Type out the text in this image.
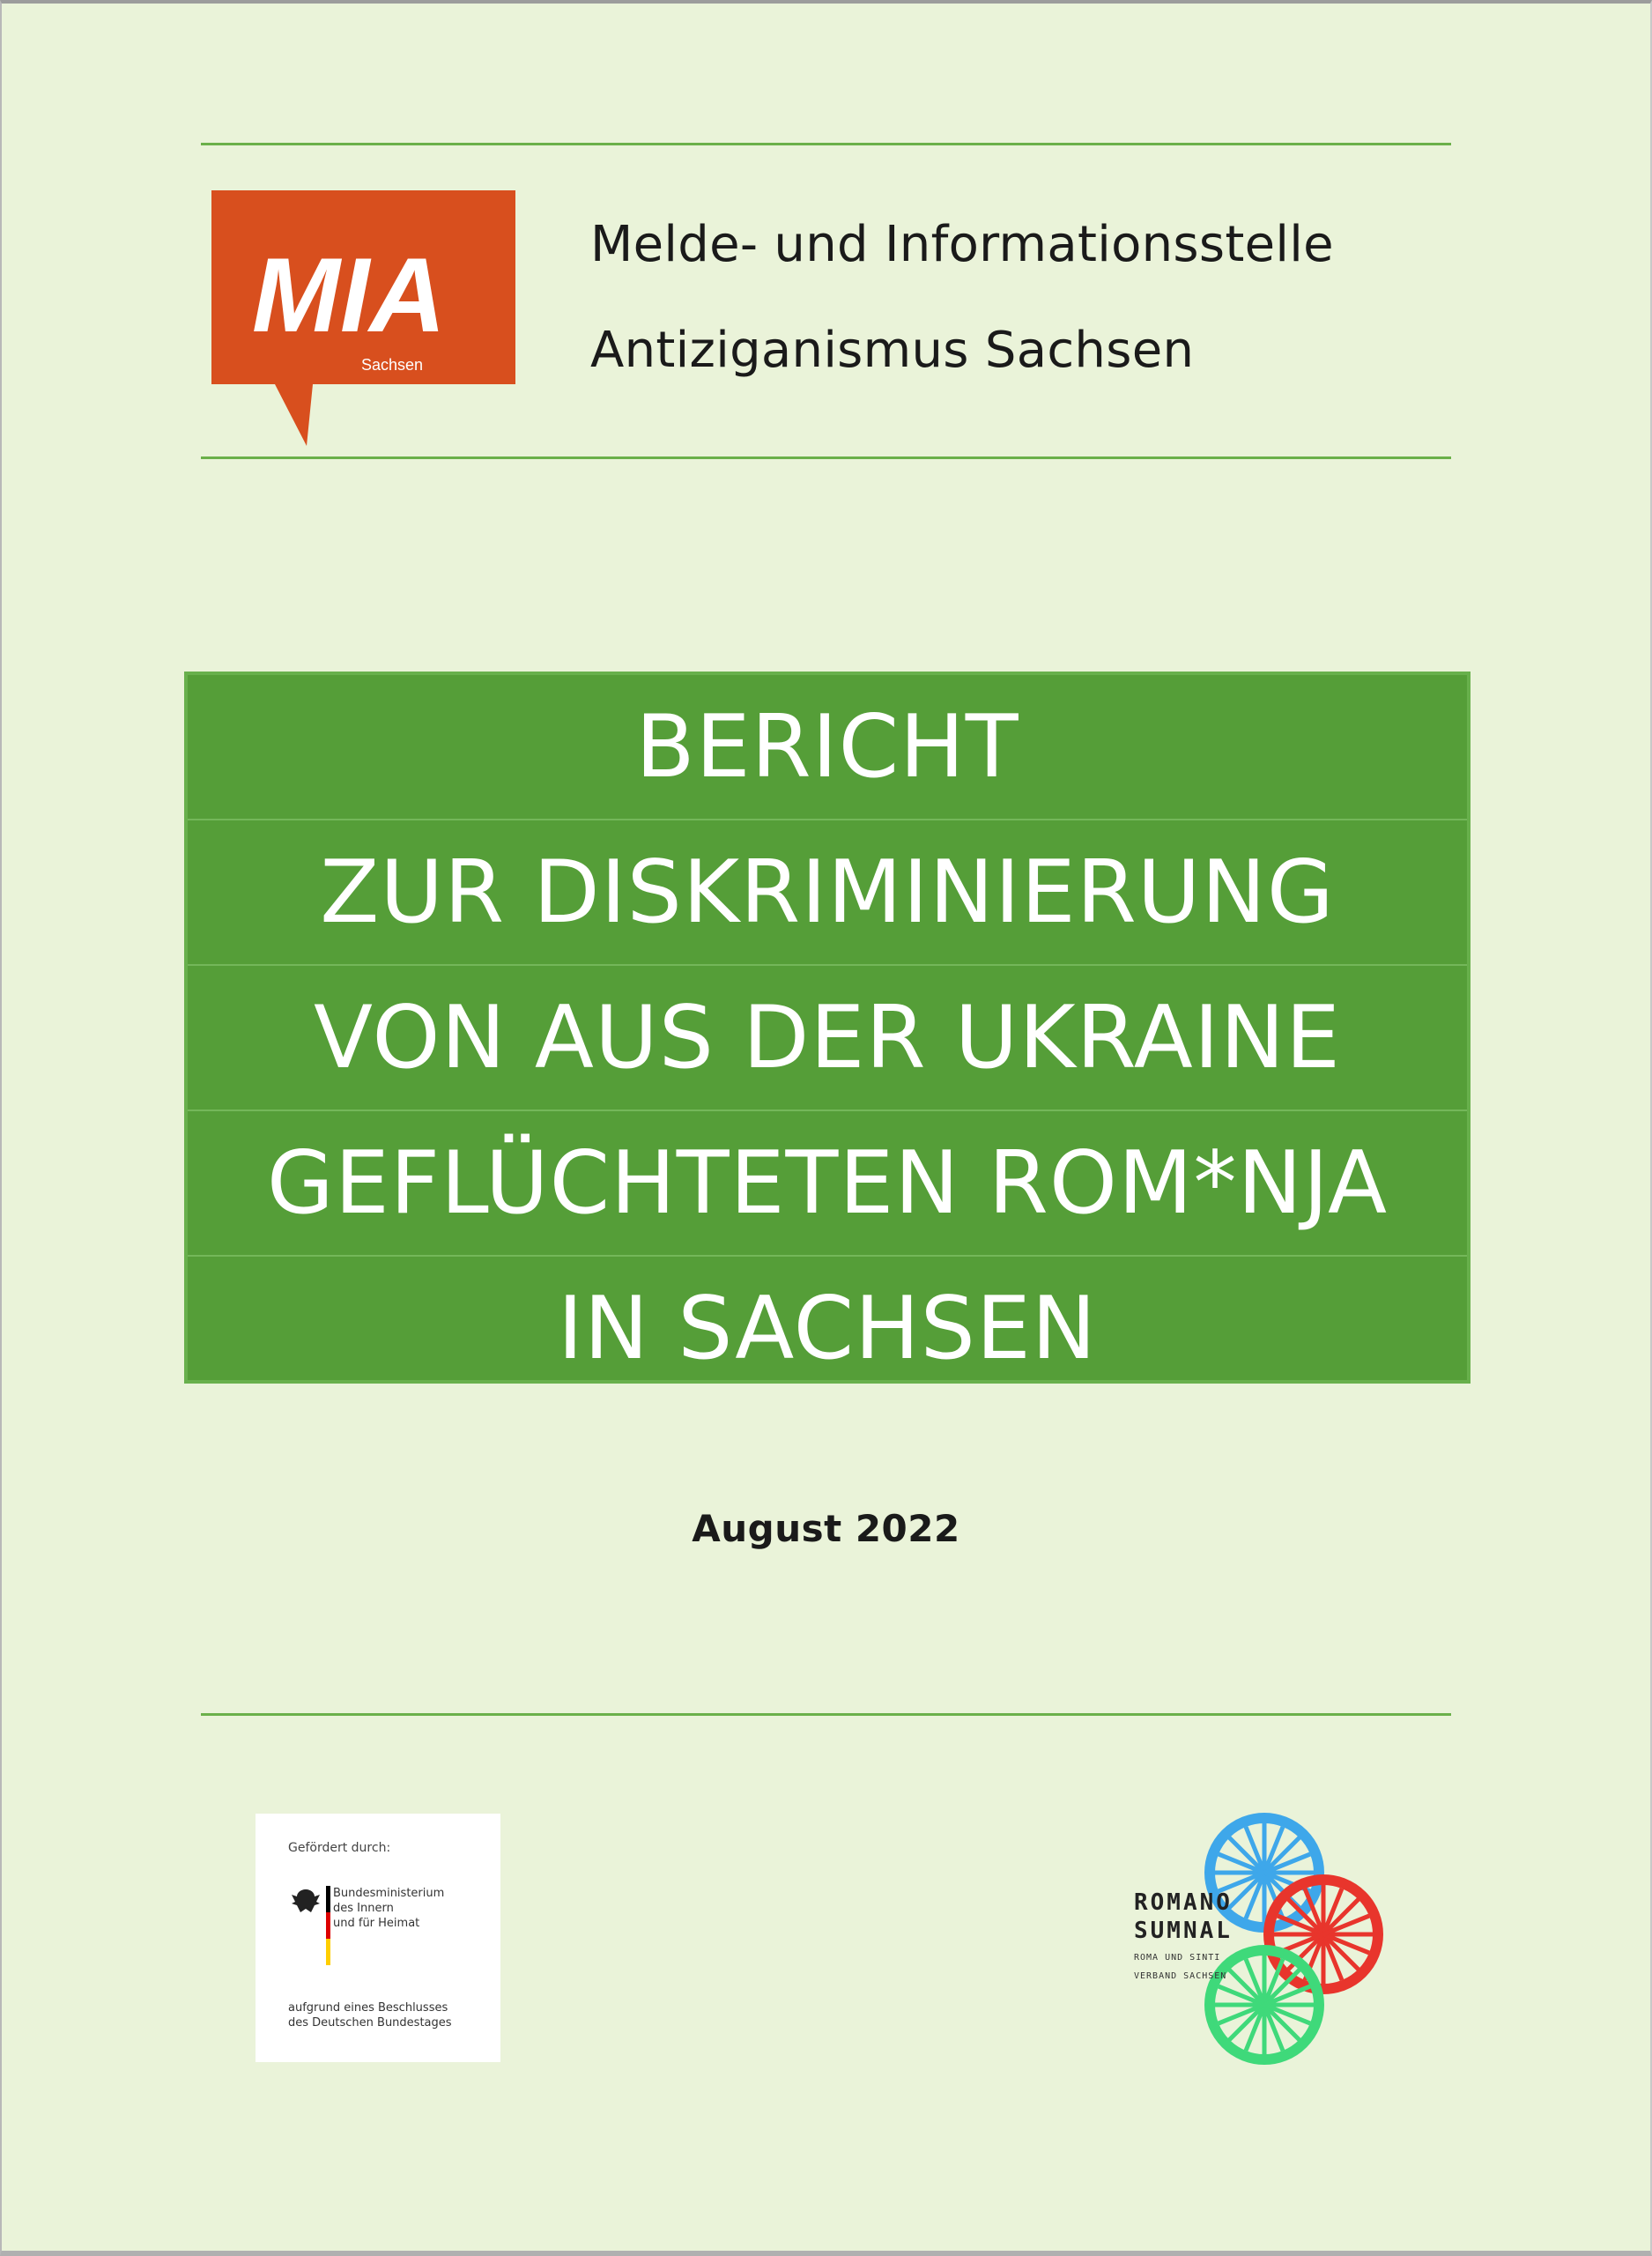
MIA
Sachsen
Melde- und Informationsstelle
Antiziganismus Sachsen
BERICHT
ZUR DISKRIMINIERUNG
VON AUS DER UKRAINE
GEFLÜCHTETEN ROM*NJA
IN SACHSEN
August 2022
Gefördert durch:
Bundesministerium
des Innern
und für Heimat
aufgrund eines Beschlusses
des Deutschen Bundestages
ROMANO
SUMNAL
ROMA UND SINTI
VERBAND SACHSEN
